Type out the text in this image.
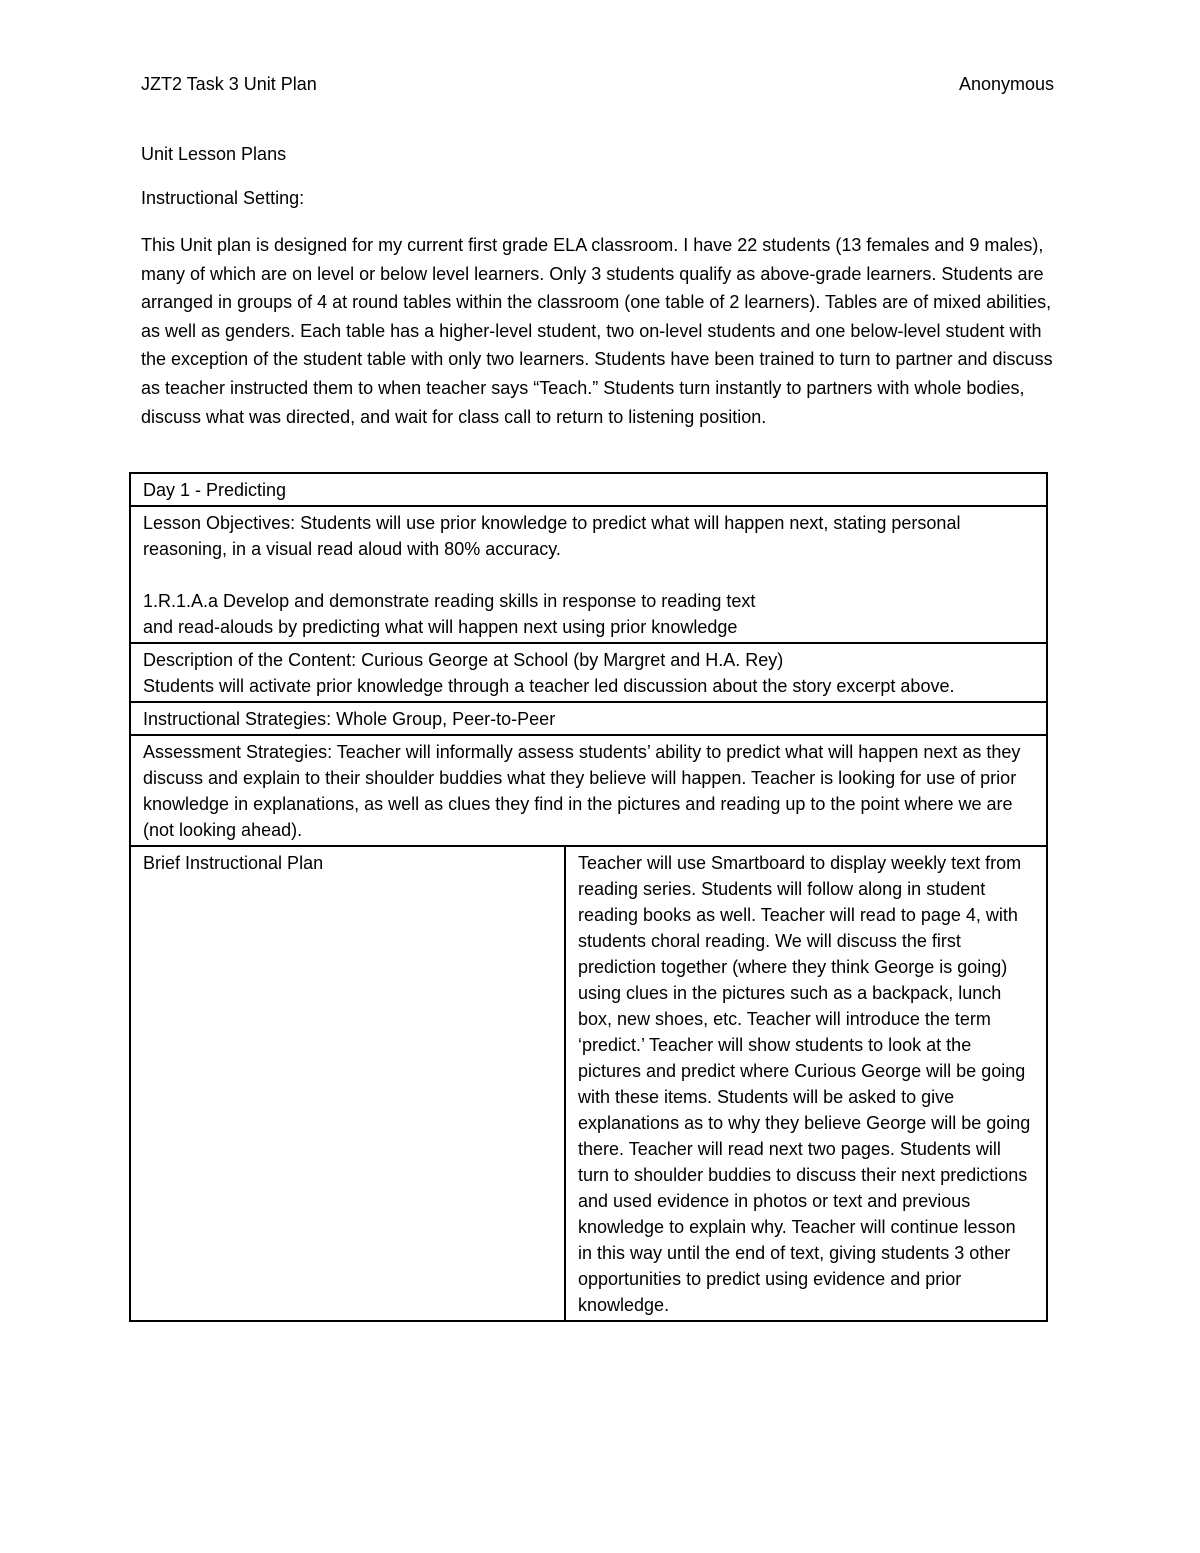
JZT2 Task 3 Unit Plan	Anonymous
Unit Lesson Plans
Instructional Setting:

This Unit plan is designed for my current first grade ELA classroom. I have 22 students (13 females and 9 males), many of which are on level or below level learners. Only 3 students qualify as above-grade learners. Students are arranged in groups of 4 at round tables within the classroom (one table of 2 learners). Tables are of mixed abilities, as well as genders. Each table has a higher-level student, two on-level students and one below-level student with the exception of the student table with only two learners. Students have been trained to turn to partner and discuss as teacher instructed them to when teacher says “Teach.” Students turn instantly to partners with whole bodies, discuss what was directed, and wait for class call to return to listening position.

Day 1 - Predicting

Lesson Objectives: Students will use prior knowledge to predict what will happen next, stating personal reasoning, in a visual read aloud with 80% accuracy.
1.R.1.A.a Develop and demonstrate reading skills in response to reading text
and read-alouds by predicting what will happen next using prior knowledge

Description of the Content: Curious George at School (by Margret and H.A. Rey)
Students will activate prior knowledge through a teacher led discussion about the story excerpt above.

Instructional Strategies: Whole Group, Peer-to-Peer
Assessment Strategies: Teacher will informally assess students’ ability to predict what will happen next as they discuss and explain to their shoulder buddies what they believe will happen. Teacher is looking for use of prior knowledge in explanations, as well as clues they find in the pictures and reading up to the point where we are (not looking ahead).
Brief Instructional Plan	Teacher will use Smartboard to display weekly text from reading series. Students will follow along in student reading books as well. Teacher will read to page 4, with students choral reading. We will discuss the first prediction together (where they think George is going) using clues in the pictures such as a backpack, lunch box, new shoes, etc. Teacher will introduce the term ‘predict.’ Teacher will show students to look at the pictures and predict where Curious George will be going with these items. Students will be asked to give explanations as to why they believe George will be going there. Teacher will read next two pages. Students will turn to shoulder buddies to discuss their next predictions and used evidence in photos or text and previous knowledge to explain why. Teacher will continue lesson in this way until the end of text, giving students 3 other opportunities to predict using evidence and prior knowledge.
